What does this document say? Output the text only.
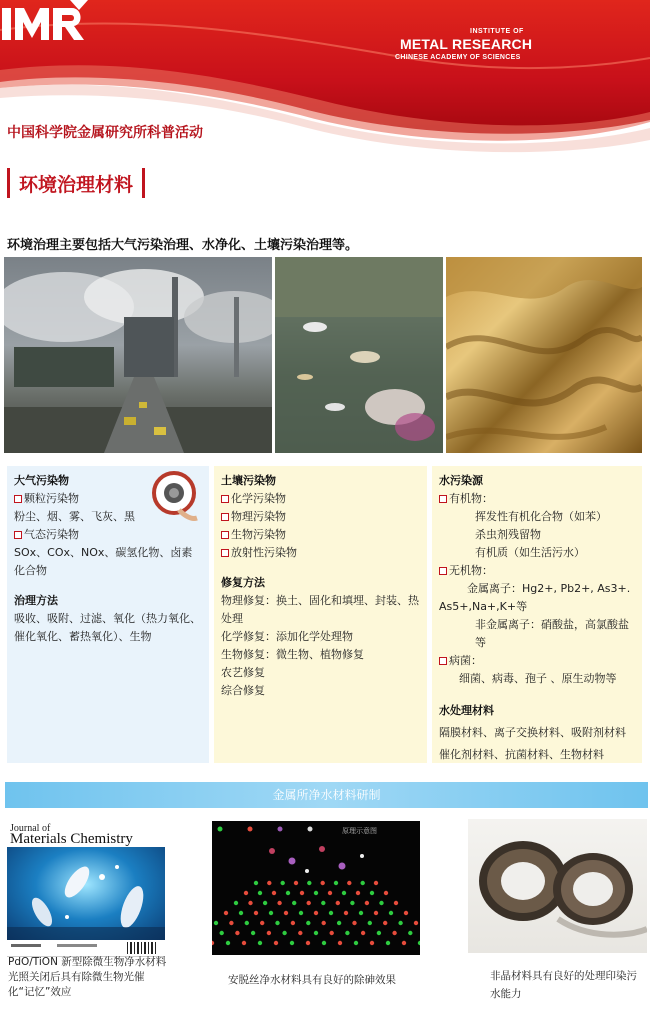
INSTITUTE OF
METAL RESEARCH
CHINESE ACADEMY OF SCIENCES
中国科学院金属研究所科普活动
环境治理材料
环境治理主要包括大气污染治理、水净化、土壤污染治理等。
大气污染物
颗粒污染物
粉尘、烟、雾、飞灰、黑
气态污染物
SOx、COx、NOx、碳氢化物、卤素化合物
治理方法
吸收、吸附、过滤、氧化（热力氧化、催化氧化、蓄热氧化）、生物
土壤污染物
化学污染物
物理污染物
生物污染物
放射性污染物
修复方法
物理修复：换土、固化和填埋、封装、热处理
化学修复：添加化学处理物
生物修复：微生物、植物修复
农艺修复
综合修复
水污染源
有机物：
挥发性有机化合物（如苯）
杀虫剂残留物
有机质（如生活污水）
无机物：
金属离子：Hg2+, Pb2+, As3+.
As5+,Na+,K+等
非金属离子：硝酸盐，高氯酸盐等
病菌：
细菌、病毒、孢子 、原生动物等
水处理材料
隔膜材料、离子交换材料、吸附剂材料
催化剂材料、抗菌材料、生物材料
金属所净水材料研制
Journal of
Materials Chemistry
PdO/TiON 新型除微生物净水材料光照关闭后具有除微生物光催化“记忆”效应
原理示意图
安脱丝净水材料具有良好的除砷效果	非晶材料具有良好的处理印染污水能力
